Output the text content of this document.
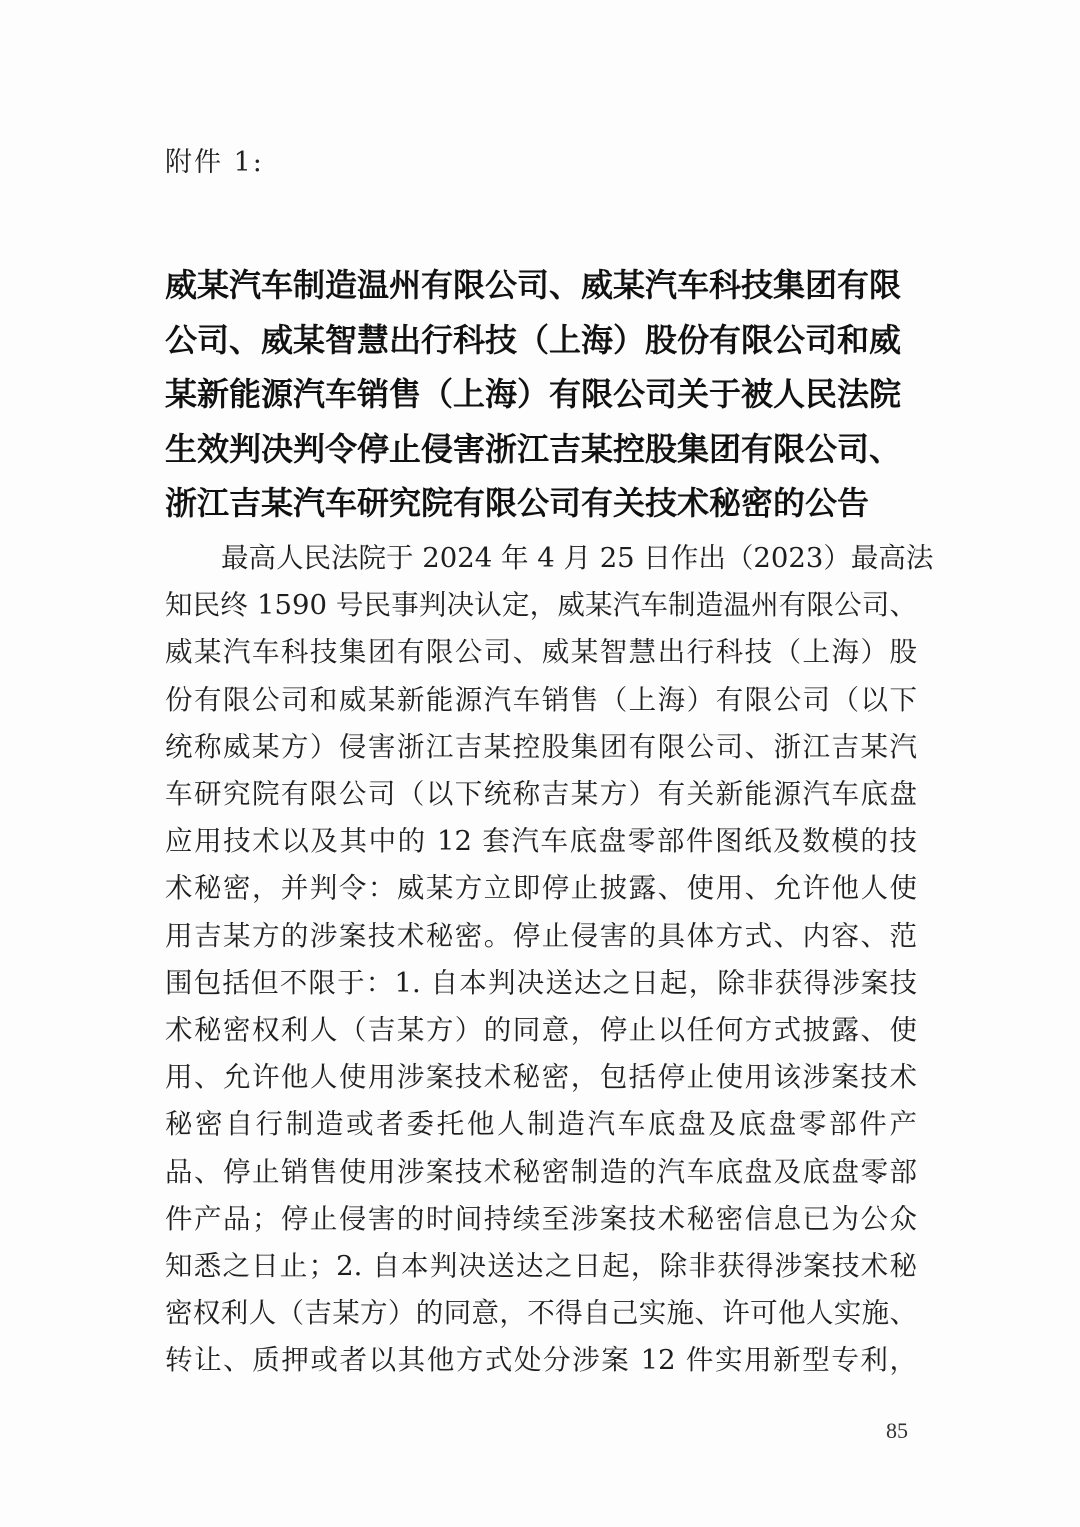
附件 1:
威某汽车制造温州有限公司、威某汽车科技集团有限
公司、威某智慧出行科技（上海）股份有限公司和威
某新能源汽车销售（上海）有限公司关于被人民法院
生效判决判令停止侵害浙江吉某控股集团有限公司、
浙江吉某汽车研究院有限公司有关技术秘密的公告
最高人民法院于 2024 年 4 月 25 日作出（2023）最高法
知民终 1590 号民事判决认定，威某汽车制造温州有限公司、
威某汽车科技集团有限公司、威某智慧出行科技（上海）股
份有限公司和威某新能源汽车销售（上海）有限公司（以下
统称威某方）侵害浙江吉某控股集团有限公司、浙江吉某汽
车研究院有限公司（以下统称吉某方）有关新能源汽车底盘
应用技术以及其中的 12 套汽车底盘零部件图纸及数模的技
术秘密，并判令：威某方立即停止披露、使用、允许他人使
用吉某方的涉案技术秘密。停止侵害的具体方式、内容、范
围包括但不限于：1. 自本判决送达之日起，除非获得涉案技
术秘密权利人（吉某方）的同意，停止以任何方式披露、使
用、允许他人使用涉案技术秘密，包括停止使用该涉案技术
秘密自行制造或者委托他人制造汽车底盘及底盘零部件产
品、停止销售使用涉案技术秘密制造的汽车底盘及底盘零部
件产品；停止侵害的时间持续至涉案技术秘密信息已为公众
知悉之日止；2. 自本判决送达之日起，除非获得涉案技术秘
密权利人（吉某方）的同意，不得自己实施、许可他人实施、
转让、质押或者以其他方式处分涉案 12 件实用新型专利，
85
